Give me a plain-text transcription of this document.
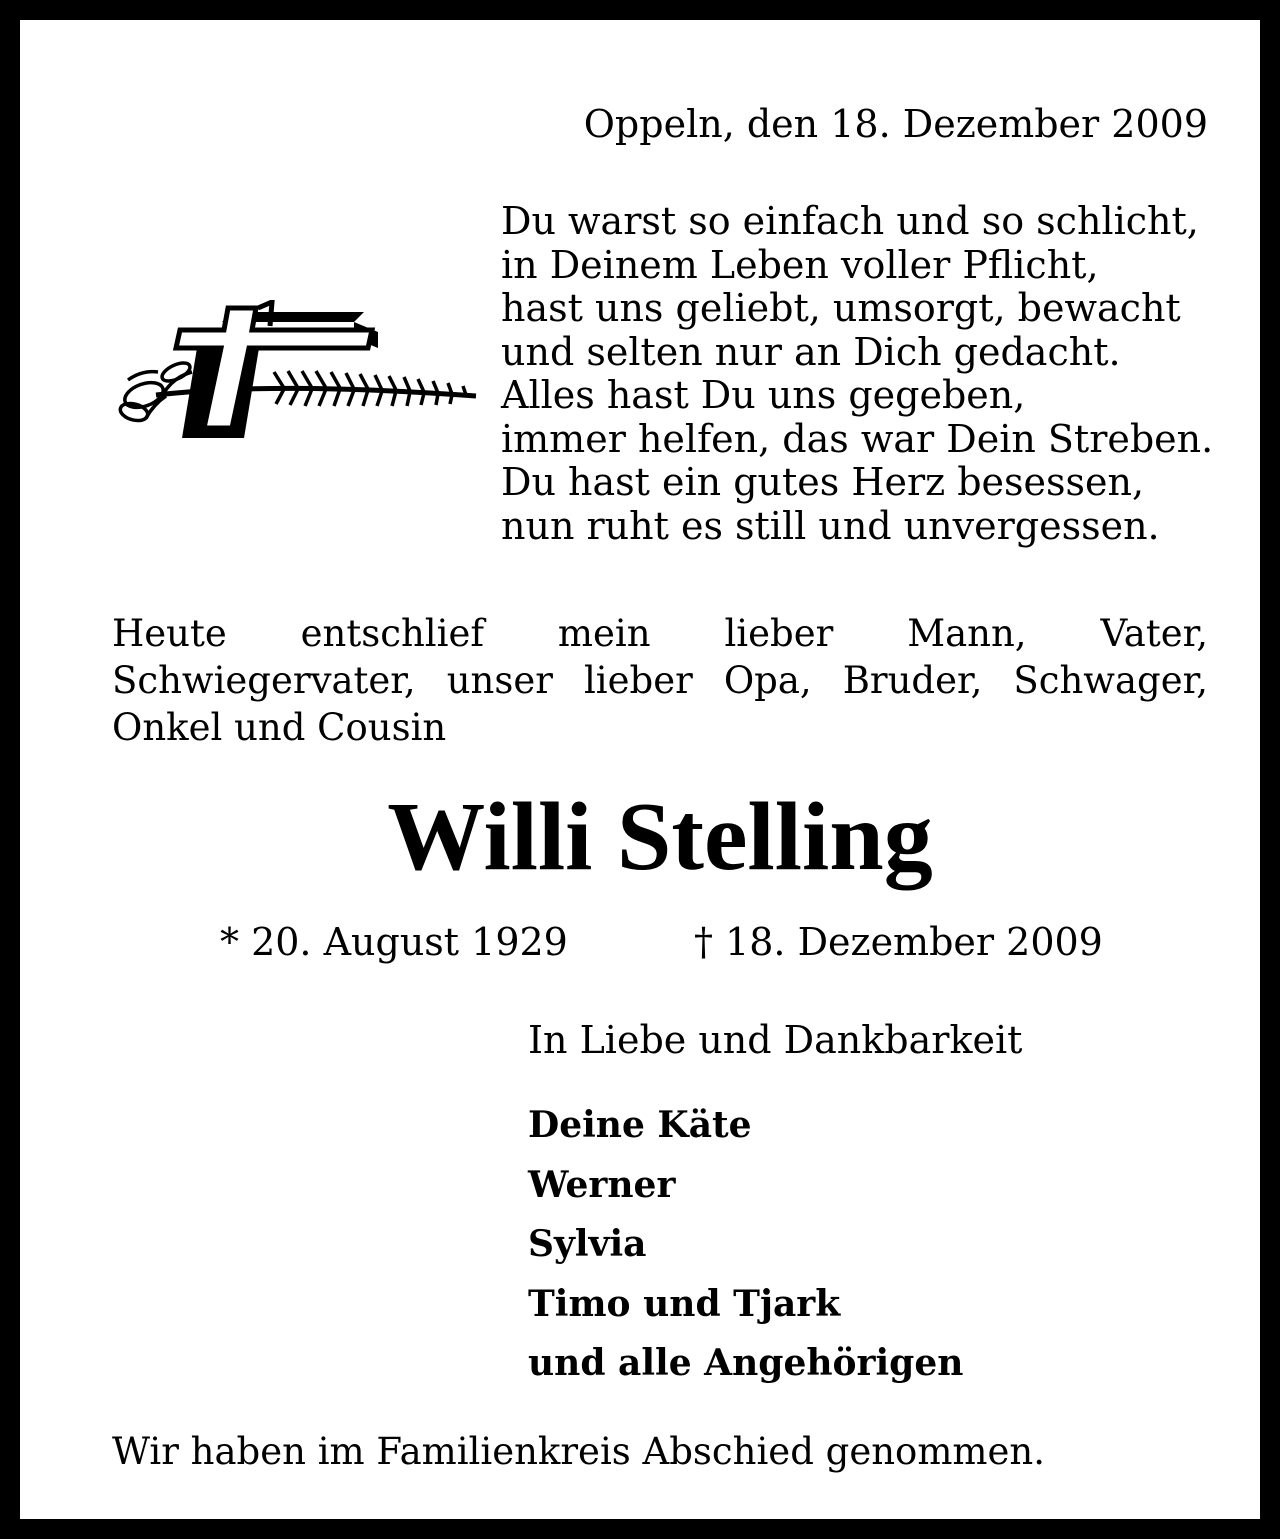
Oppeln, den 18. Dezember 2009
Du warst so einfach und so schlicht,
in Deinem Leben voller Pflicht,
hast uns geliebt, umsorgt, bewacht
und selten nur an Dich gedacht.
Alles hast Du uns gegeben,
immer helfen, das war Dein Streben.
Du hast ein gutes Herz besessen,
nun ruht es still und unvergessen.
Heute entschlief mein lieber Mann, Vater, Schwiegervater, unser lieber Opa, Bruder, Schwager, Onkel und Cousin
Willi Stelling
* 20. August 1929	† 18. Dezember 2009
In Liebe und Dankbarkeit
Deine Käte
Werner
Sylvia
Timo und Tjark
und alle Angehörigen
Wir haben im Familienkreis Abschied genommen.
